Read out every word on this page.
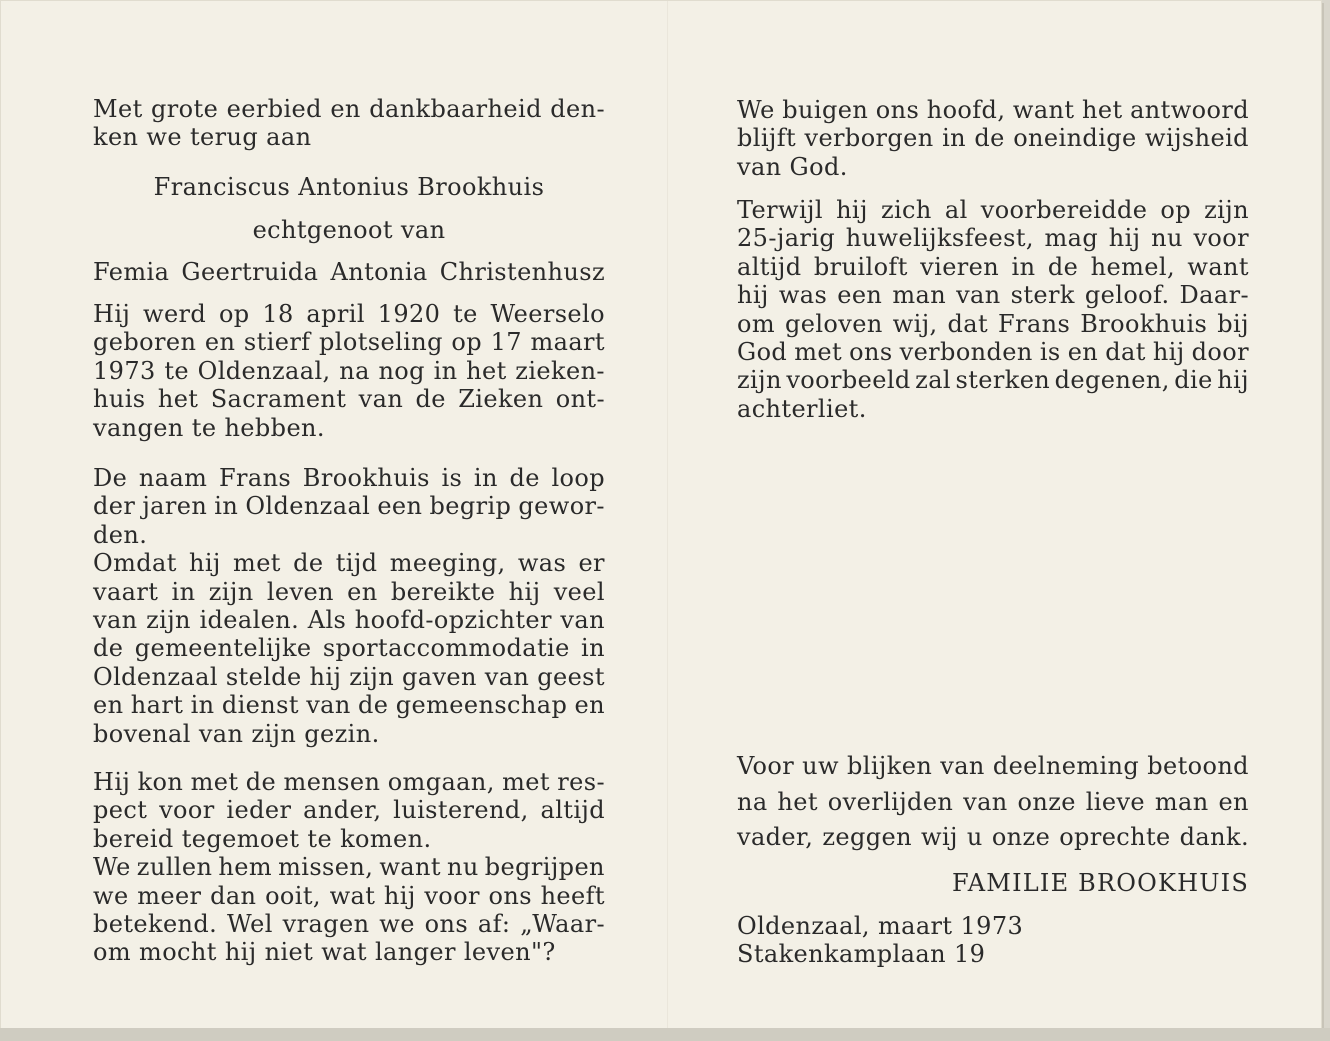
Met grote eerbied en dankbaarheid den-
ken we terug aan
Franciscus Antonius Brookhuis
echtgenoot van
Femia Geertruida Antonia Christenhusz
Hij werd op 18 april 1920 te Weerselo
geboren en stierf plotseling op 17 maart
1973 te Oldenzaal, na nog in het zieken-
huis het Sacrament van de Zieken ont-
vangen te hebben.
De naam Frans Brookhuis is in de loop
der jaren in Oldenzaal een begrip gewor-
den.
Omdat hij met de tijd meeging, was er
vaart in zijn leven en bereikte hij veel
van zijn idealen. Als hoofd-opzichter van
de gemeentelijke sportaccommodatie in
Oldenzaal stelde hij zijn gaven van geest
en hart in dienst van de gemeenschap en
bovenal van zijn gezin.
Hij kon met de mensen omgaan, met res-
pect voor ieder ander, luisterend, altijd
bereid tegemoet te komen.
We zullen hem missen, want nu begrijpen
we meer dan ooit, wat hij voor ons heeft
betekend. Wel vragen we ons af: „Waar-
om mocht hij niet wat langer leven"?
We buigen ons hoofd, want het antwoord
blijft verborgen in de oneindige wijsheid
van God.
Terwijl hij zich al voorbereidde op zijn
25-jarig huwelijksfeest, mag hij nu voor
altijd bruiloft vieren in de hemel, want
hij was een man van sterk geloof. Daar-
om geloven wij, dat Frans Brookhuis bij
God met ons verbonden is en dat hij door
zijn voorbeeld zal sterken degenen, die hij
achterliet.
Voor uw blijken van deelneming betoond
na het overlijden van onze lieve man en
vader, zeggen wij u onze oprechte dank.
FAMILIE BROOKHUIS
Oldenzaal, maart 1973
Stakenkamplaan 19
